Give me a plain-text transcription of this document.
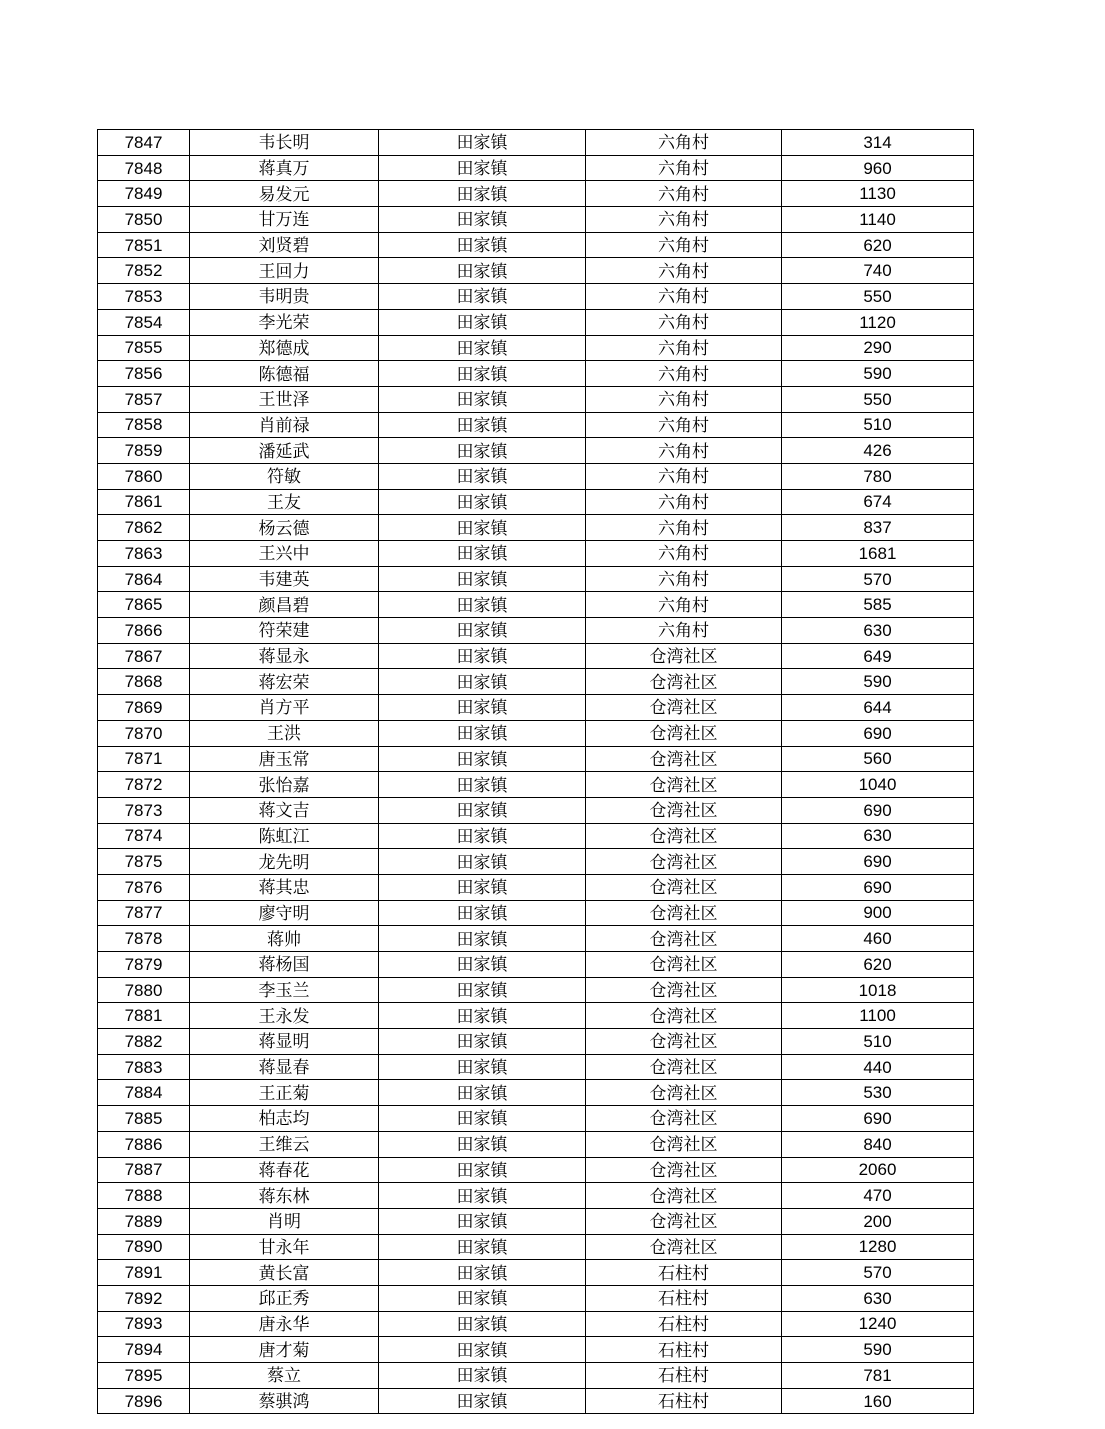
7847	韦长明	田家镇	六角村	314
7848	蒋真万	田家镇	六角村	960
7849	易发元	田家镇	六角村	1130
7850	甘万连	田家镇	六角村	1140
7851	刘贤碧	田家镇	六角村	620
7852	王回力	田家镇	六角村	740
7853	韦明贵	田家镇	六角村	550
7854	李光荣	田家镇	六角村	1120
7855	郑德成	田家镇	六角村	290
7856	陈德福	田家镇	六角村	590
7857	王世泽	田家镇	六角村	550
7858	肖前禄	田家镇	六角村	510
7859	潘延武	田家镇	六角村	426
7860	符敏	田家镇	六角村	780
7861	王友	田家镇	六角村	674
7862	杨云德	田家镇	六角村	837
7863	王兴中	田家镇	六角村	1681
7864	韦建英	田家镇	六角村	570
7865	颜昌碧	田家镇	六角村	585
7866	符荣建	田家镇	六角村	630
7867	蒋显永	田家镇	仓湾社区	649
7868	蒋宏荣	田家镇	仓湾社区	590
7869	肖方平	田家镇	仓湾社区	644
7870	王洪	田家镇	仓湾社区	690
7871	唐玉常	田家镇	仓湾社区	560
7872	张怡嘉	田家镇	仓湾社区	1040
7873	蒋文吉	田家镇	仓湾社区	690
7874	陈虹江	田家镇	仓湾社区	630
7875	龙先明	田家镇	仓湾社区	690
7876	蒋其忠	田家镇	仓湾社区	690
7877	廖守明	田家镇	仓湾社区	900
7878	蒋帅	田家镇	仓湾社区	460
7879	蒋杨国	田家镇	仓湾社区	620
7880	李玉兰	田家镇	仓湾社区	1018
7881	王永发	田家镇	仓湾社区	1100
7882	蒋显明	田家镇	仓湾社区	510
7883	蒋显春	田家镇	仓湾社区	440
7884	王正菊	田家镇	仓湾社区	530
7885	柏志均	田家镇	仓湾社区	690
7886	王维云	田家镇	仓湾社区	840
7887	蒋春花	田家镇	仓湾社区	2060
7888	蒋东林	田家镇	仓湾社区	470
7889	肖明	田家镇	仓湾社区	200
7890	甘永年	田家镇	仓湾社区	1280
7891	黄长富	田家镇	石柱村	570
7892	邱正秀	田家镇	石柱村	630
7893	唐永华	田家镇	石柱村	1240
7894	唐才菊	田家镇	石柱村	590
7895	蔡立	田家镇	石柱村	781
7896	蔡骐鸿	田家镇	石柱村	160
